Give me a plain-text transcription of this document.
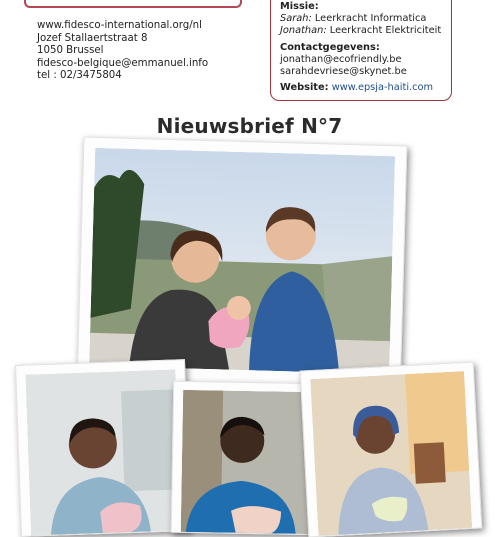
www.fidesco-international.org/nl
Jozef Stallaertstraat 8
1050 Brussel
fidesco-belgique@emmanuel.info
tel : 02/3475804
Missie:
Sarah: Leerkracht Informatica
Jonathan: Leerkracht Elektriciteit
Contactgegevens:
jonathan@ecofriendly.be
sarahdevriese@skynet.be
Website: www.epsja-haiti.com
Nieuwsbrief N°7
